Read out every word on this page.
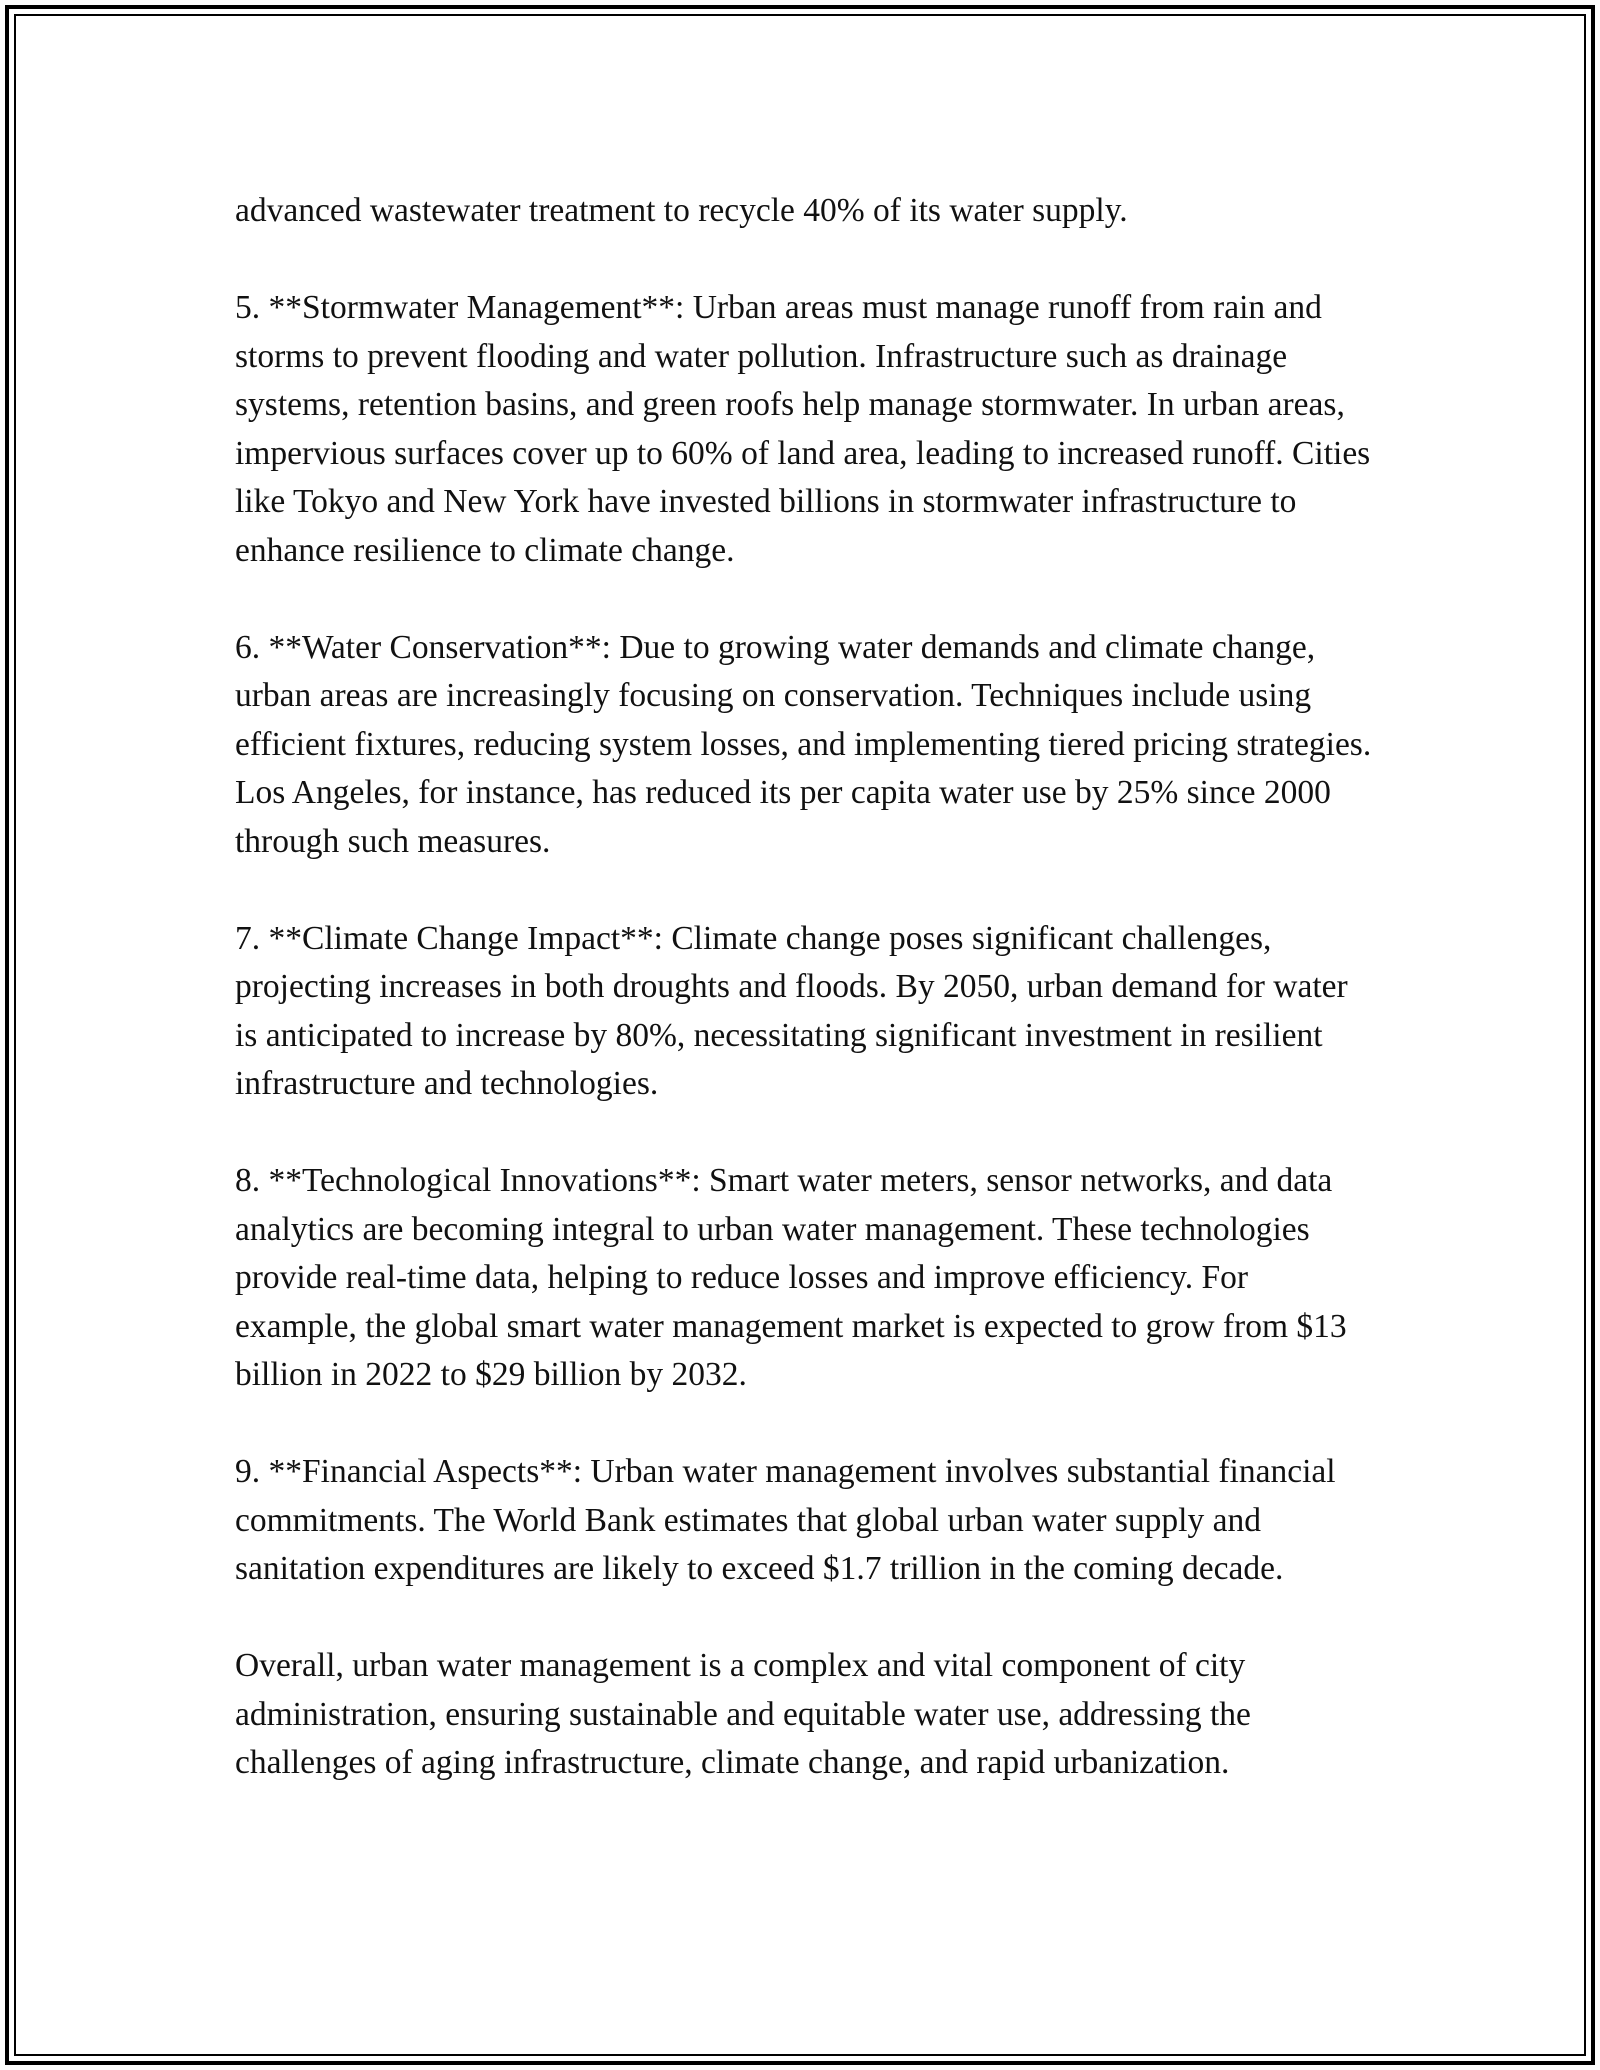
advanced wastewater treatment to recycle 40% of its water supply.

5. **Stormwater Management**: Urban areas must manage runoff from rain and storms to prevent flooding and water pollution. Infrastructure such as drainage systems, retention basins, and green roofs help manage stormwater. In urban areas, impervious surfaces cover up to 60% of land area, leading to increased runoff. Cities like Tokyo and New York have invested billions in stormwater infrastructure to enhance resilience to climate change.

6. **Water Conservation**: Due to growing water demands and climate change, urban areas are increasingly focusing on conservation. Techniques include using efficient fixtures, reducing system losses, and implementing tiered pricing strategies. Los Angeles, for instance, has reduced its per capita water use by 25% since 2000 through such measures.

7. **Climate Change Impact**: Climate change poses significant challenges, projecting increases in both droughts and floods. By 2050, urban demand for water is anticipated to increase by 80%, necessitating significant investment in resilient infrastructure and technologies.

8. **Technological Innovations**: Smart water meters, sensor networks, and data analytics are becoming integral to urban water management. These technologies provide real-time data, helping to reduce losses and improve efficiency. For example, the global smart water management market is expected to grow from $13 billion in 2022 to $29 billion by 2032.

9. **Financial Aspects**: Urban water management involves substantial financial commitments. The World Bank estimates that global urban water supply and sanitation expenditures are likely to exceed $1.7 trillion in the coming decade.

Overall, urban water management is a complex and vital component of city administration, ensuring sustainable and equitable water use, addressing the challenges of aging infrastructure, climate change, and rapid urbanization.
